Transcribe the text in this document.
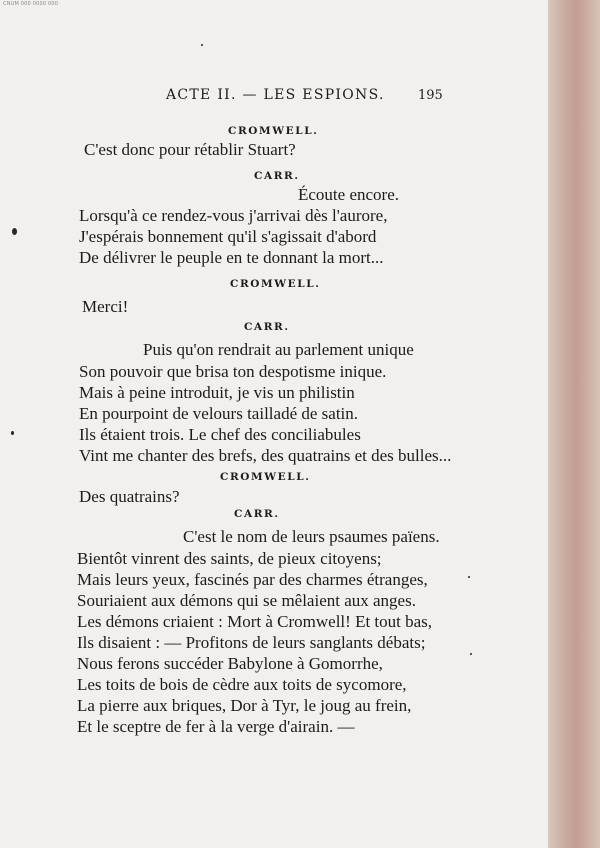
CNUM 000 0000 000
ACTE II. — LES ESPIONS.	195
CROMWELL.
C'est donc pour rétablir Stuart?
CARR.
Écoute encore.
Lorsqu'à ce rendez-vous j'arrivai dès l'aurore,
J'espérais bonnement qu'il s'agissait d'abord
De délivrer le peuple en te donnant la mort...
CROMWELL.
Merci!
CARR.
Puis qu'on rendrait au parlement unique
Son pouvoir que brisa ton despotisme inique.
Mais à peine introduit, je vis un philistin
En pourpoint de velours tailladé de satin.
Ils étaient trois. Le chef des conciliabules
Vint me chanter des brefs, des quatrains et des bulles...
CROMWELL.
Des quatrains?
CARR.
C'est le nom de leurs psaumes païens.
Bientôt vinrent des saints, de pieux citoyens;
Mais leurs yeux, fascinés par des charmes étranges,
Souriaient aux démons qui se mêlaient aux anges.
Les démons criaient : Mort à Cromwell! Et tout bas,
Ils disaient : — Profitons de leurs sanglants débats;
Nous ferons succéder Babylone à Gomorrhe,
Les toits de bois de cèdre aux toits de sycomore,
La pierre aux briques, Dor à Tyr, le joug au frein,
Et le sceptre de fer à la verge d'airain. —
